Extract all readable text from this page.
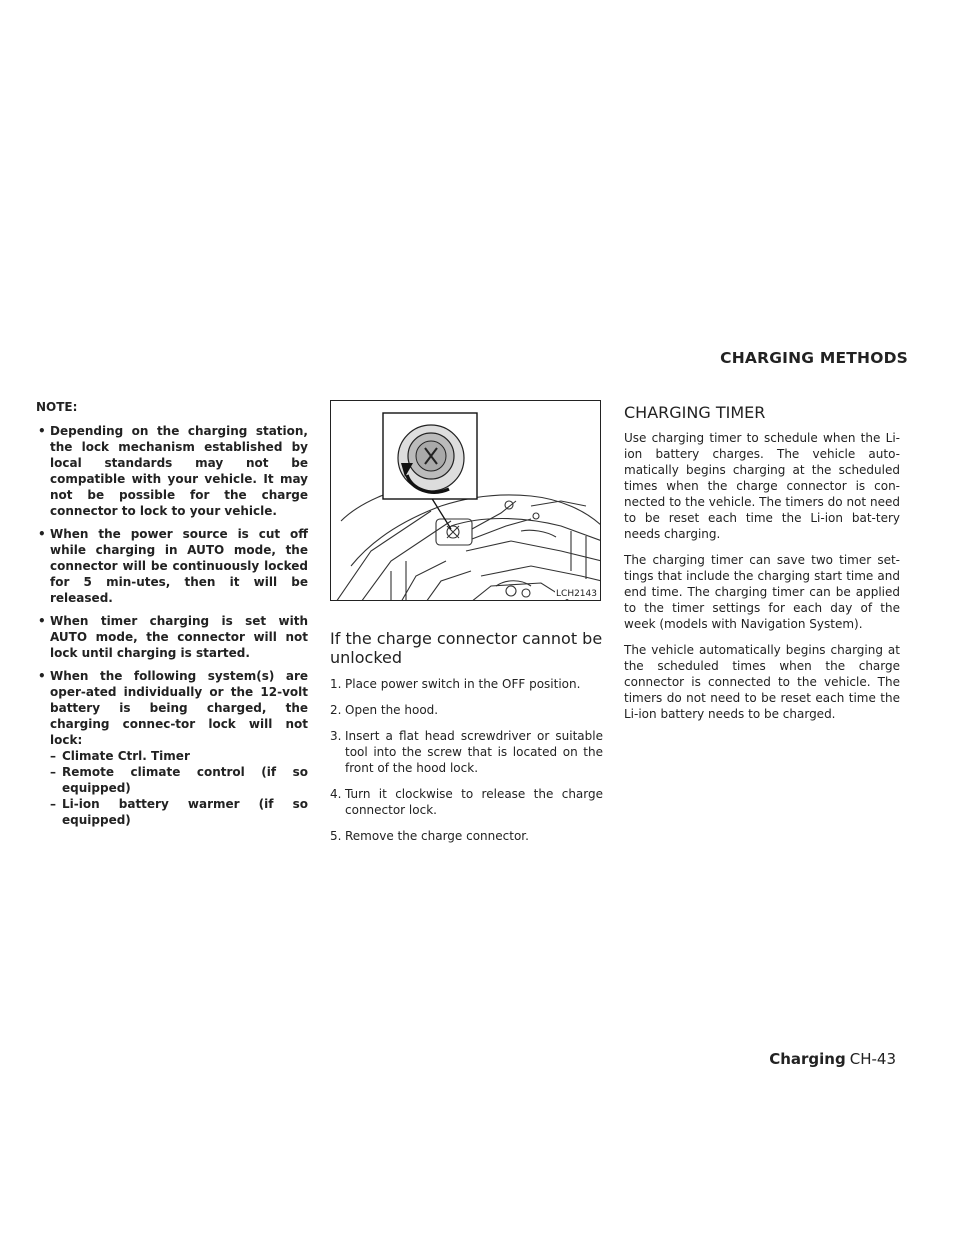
CHARGING METHODS
NOTE:
• Depending on the charging station, the lock mechanism established by local standards may not be compatible with your vehicle. It may not be possible for the charge connector to lock to your vehicle.
• When the power source is cut off while charging in AUTO mode, the connector will be continuously locked for 5 min-utes, then it will be released.
• When timer charging is set with AUTO mode, the connector will not lock until charging is started.
• When the following system(s) are oper-ated individually or the 12-volt battery is being charged, the charging connec-tor lock will not lock:
– Climate Ctrl. Timer
– Remote climate control (if so equipped)
– Li-ion battery warmer (if so equipped)
LCH2143
If the charge connector cannot be unlocked
1. Place power switch in the OFF position.
2. Open the hood.
3. Insert a flat head screwdriver or suitable tool into the screw that is located on the front of the hood lock.
4. Turn it clockwise to release the charge connector lock.
5. Remove the charge connector.
CHARGING TIMER

Use charging timer to schedule when the Li-ion battery charges. The vehicle auto-matically begins charging at the scheduled times when the charge connector is con-nected to the vehicle. The timers do not need to be reset each time the Li-ion bat-tery needs charging.

The charging timer can save two timer set-tings that include the charging start time and end time. The charging timer can be applied to the timer settings for each day of the week (models with Navigation System).

The vehicle automatically begins charging at the scheduled times when the charge connector is connected to the vehicle. The timers do not need to be reset each time the Li-ion battery needs to be charged.

Charging CH-43
